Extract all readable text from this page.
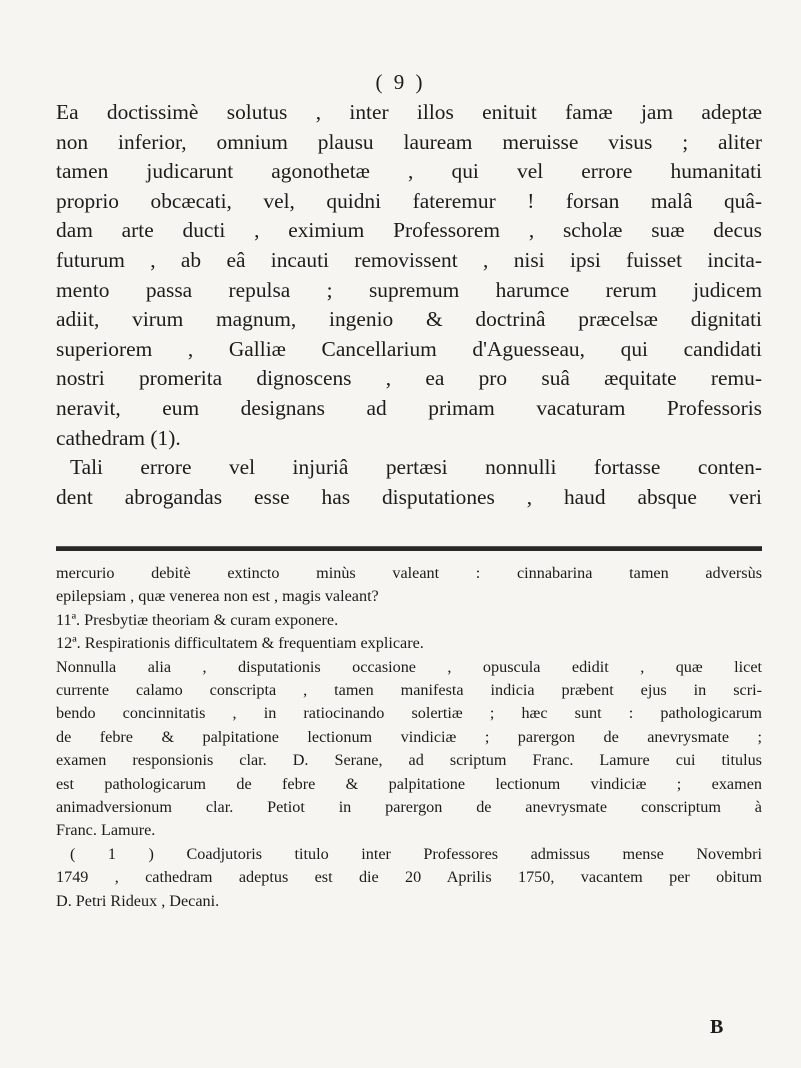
( 9 )
Ea doctissimè solutus , inter illos enituit famæ jam adeptæ
non inferior, omnium plausu lauream meruisse visus ; aliter
tamen judicarunt agonothetæ , qui vel errore humanitati
proprio obcæcati, vel, quidni fateremur ! forsan malâ quâ-
dam arte ducti , eximium Professorem , scholæ suæ decus
futurum , ab eâ incauti removissent , nisi ipsi fuisset incita-
mento passa repulsa ; supremum harumce rerum judicem
adiit, virum magnum, ingenio & doctrinâ præcelsæ dignitati
superiorem , Galliæ Cancellarium d'Aguesseau, qui candidati
nostri promerita dignoscens , ea pro suâ æquitate remu-
neravit, eum designans ad primam vacaturam Professoris
cathedram (1).
Tali errore vel injuriâ pertæsi nonnulli fortasse conten-
dent abrogandas esse has disputationes , haud absque veri
mercurio debitè extincto minùs valeant : cinnabarina tamen adversùs
epilepsiam , quæ venerea non est , magis valeant?
11ª. Presbytiæ theoriam & curam exponere.
12ª. Respirationis difficultatem & frequentiam explicare.
Nonnulla alia , disputationis occasione , opuscula edidit , quæ licet
currente calamo conscripta , tamen manifesta indicia præbent ejus in scri-
bendo concinnitatis , in ratiocinando solertiæ ; hæc sunt : pathologicarum
de febre & palpitatione lectionum vindiciæ ; parergon de anevrysmate ;
examen responsionis clar. D. Serane, ad scriptum Franc. Lamure cui titulus
est pathologicarum de febre & palpitatione lectionum vindiciæ ; examen
animadversionum clar. Petiot in parergon de anevrysmate conscriptum à
Franc. Lamure.
( 1 ) Coadjutoris titulo inter Professores admissus mense Novembri
1749 , cathedram adeptus est die 20 Aprilis 1750, vacantem per obitum
D. Petri Rideux , Decani.
B
